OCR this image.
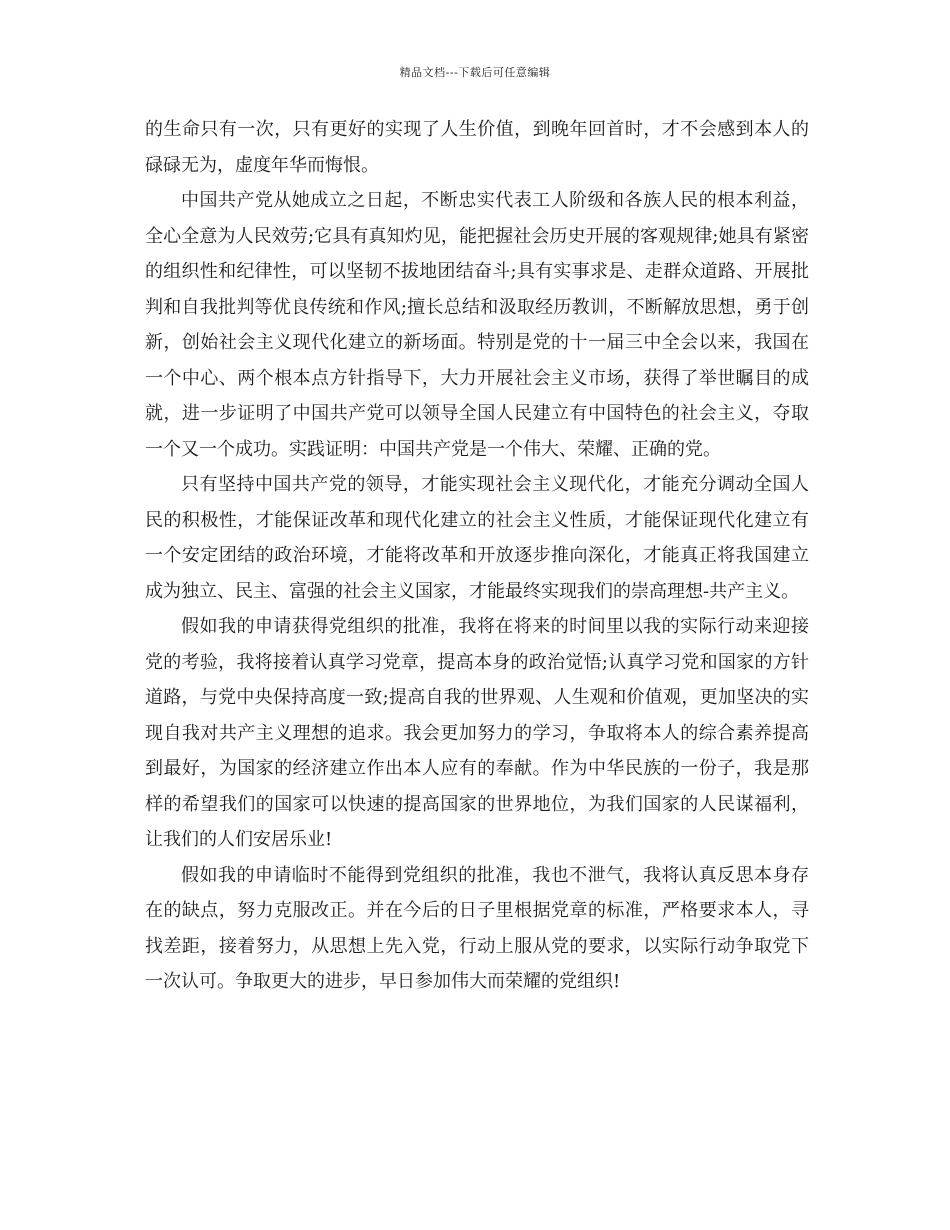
精品文档---下载后可任意编辑

的生命只有一次，只有更好的实现了人生价值，到晚年回首时，才不会感到本人的碌碌无为，虚度年华而悔恨。

中国共产党从她成立之日起，不断忠实代表工人阶级和各族人民的根本利益，全心全意为人民效劳;它具有真知灼见，能把握社会历史开展的客观规律;她具有紧密的组织性和纪律性，可以坚韧不拔地团结奋斗;具有实事求是、走群众道路、开展批判和自我批判等优良传统和作风;擅长总结和汲取经历教训，不断解放思想，勇于创新，创始社会主义现代化建立的新场面。特别是党的十一届三中全会以来，我国在一个中心、两个根本点方针指导下，大力开展社会主义市场，获得了举世瞩目的成就，进一步证明了中国共产党可以领导全国人民建立有中国特色的社会主义，夺取一个又一个成功。实践证明：中国共产党是一个伟大、荣耀、正确的党。

只有坚持中国共产党的领导，才能实现社会主义现代化，才能充分调动全国人民的积极性，才能保证改革和现代化建立的社会主义性质，才能保证现代化建立有一个安定团结的政治环境，才能将改革和开放逐步推向深化，才能真正将我国建立成为独立、民主、富强的社会主义国家，才能最终实现我们的崇高理想-共产主义。

假如我的申请获得党组织的批准，我将在将来的时间里以我的实际行动来迎接党的考验，我将接着认真学习党章，提高本身的政治觉悟;认真学习党和国家的方针道路，与党中央保持高度一致;提高自我的世界观、人生观和价值观，更加坚决的实现自我对共产主义理想的追求。我会更加努力的学习，争取将本人的综合素养提高到最好，为国家的经济建立作出本人应有的奉献。作为中华民族的一份子，我是那样的希望我们的国家可以快速的提高国家的世界地位，为我们国家的人民谋福利，让我们的人们安居乐业!

假如我的申请临时不能得到党组织的批准，我也不泄气，我将认真反思本身存在的缺点，努力克服改正。并在今后的日子里根据党章的标准，严格要求本人，寻找差距，接着努力，从思想上先入党，行动上服从党的要求，以实际行动争取党下一次认可。争取更大的进步，早日参加伟大而荣耀的党组织!
